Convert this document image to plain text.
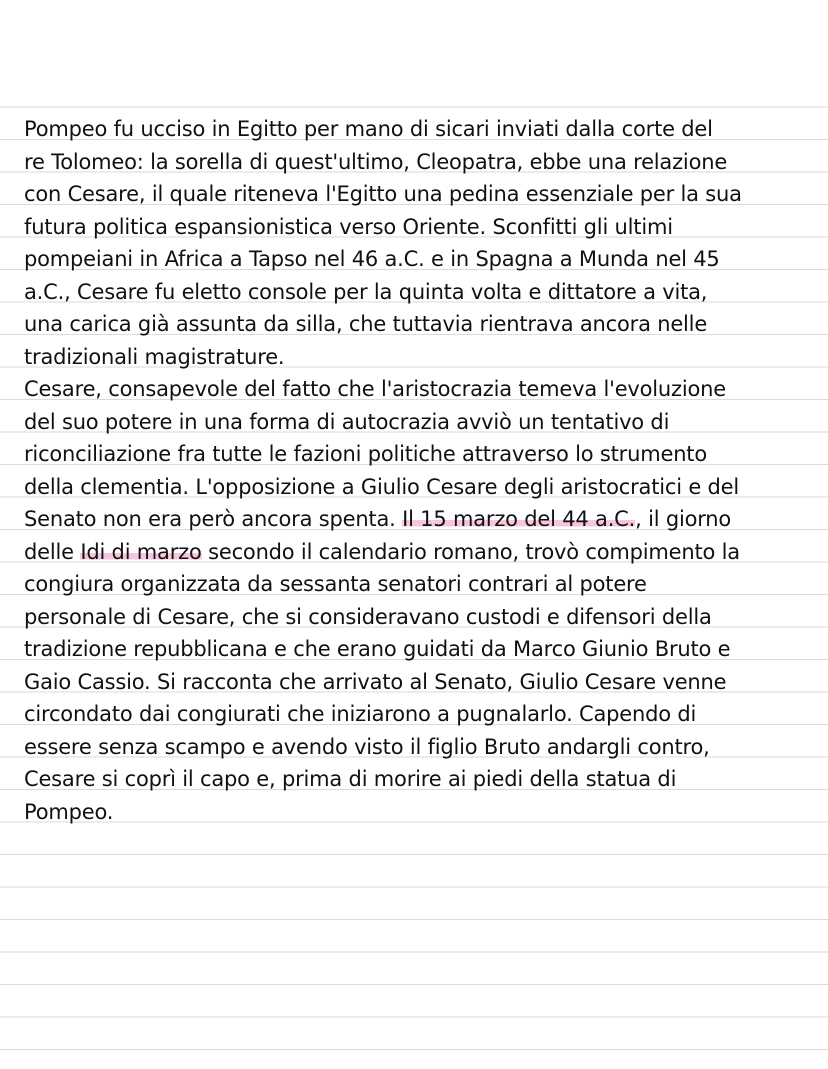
Pompeo fu ucciso in Egitto per mano di sicari inviati dalla corte del
re Tolomeo: la sorella di quest'ultimo, Cleopatra, ebbe una relazione
con Cesare, il quale riteneva l'Egitto una pedina essenziale per la sua
futura politica espansionistica verso Oriente. Sconfitti gli ultimi
pompeiani in Africa a Tapso nel 46 a.C. e in Spagna a Munda nel 45
a.C., Cesare fu eletto console per la quinta volta e dittatore a vita,
una carica già assunta da silla, che tuttavia rientrava ancora nelle
tradizionali magistrature.
Cesare, consapevole del fatto che l'aristocrazia temeva l'evoluzione
del suo potere in una forma di autocrazia avviò un tentativo di
riconciliazione fra tutte le fazioni politiche attraverso lo strumento
della clementia. L'opposizione a Giulio Cesare degli aristocratici e del
Senato non era però ancora spenta. Il 15 marzo del 44 a.C., il giorno
delle Idi di marzo secondo il calendario romano, trovò compimento la
congiura organizzata da sessanta senatori contrari al potere
personale di Cesare, che si consideravano custodi e difensori della
tradizione repubblicana e che erano guidati da Marco Giunio Bruto e
Gaio Cassio. Si racconta che arrivato al Senato, Giulio Cesare venne
circondato dai congiurati che iniziarono a pugnalarlo. Capendo di
essere senza scampo e avendo visto il figlio Bruto andargli contro,
Cesare si coprì il capo e, prima di morire ai piedi della statua di
Pompeo.
